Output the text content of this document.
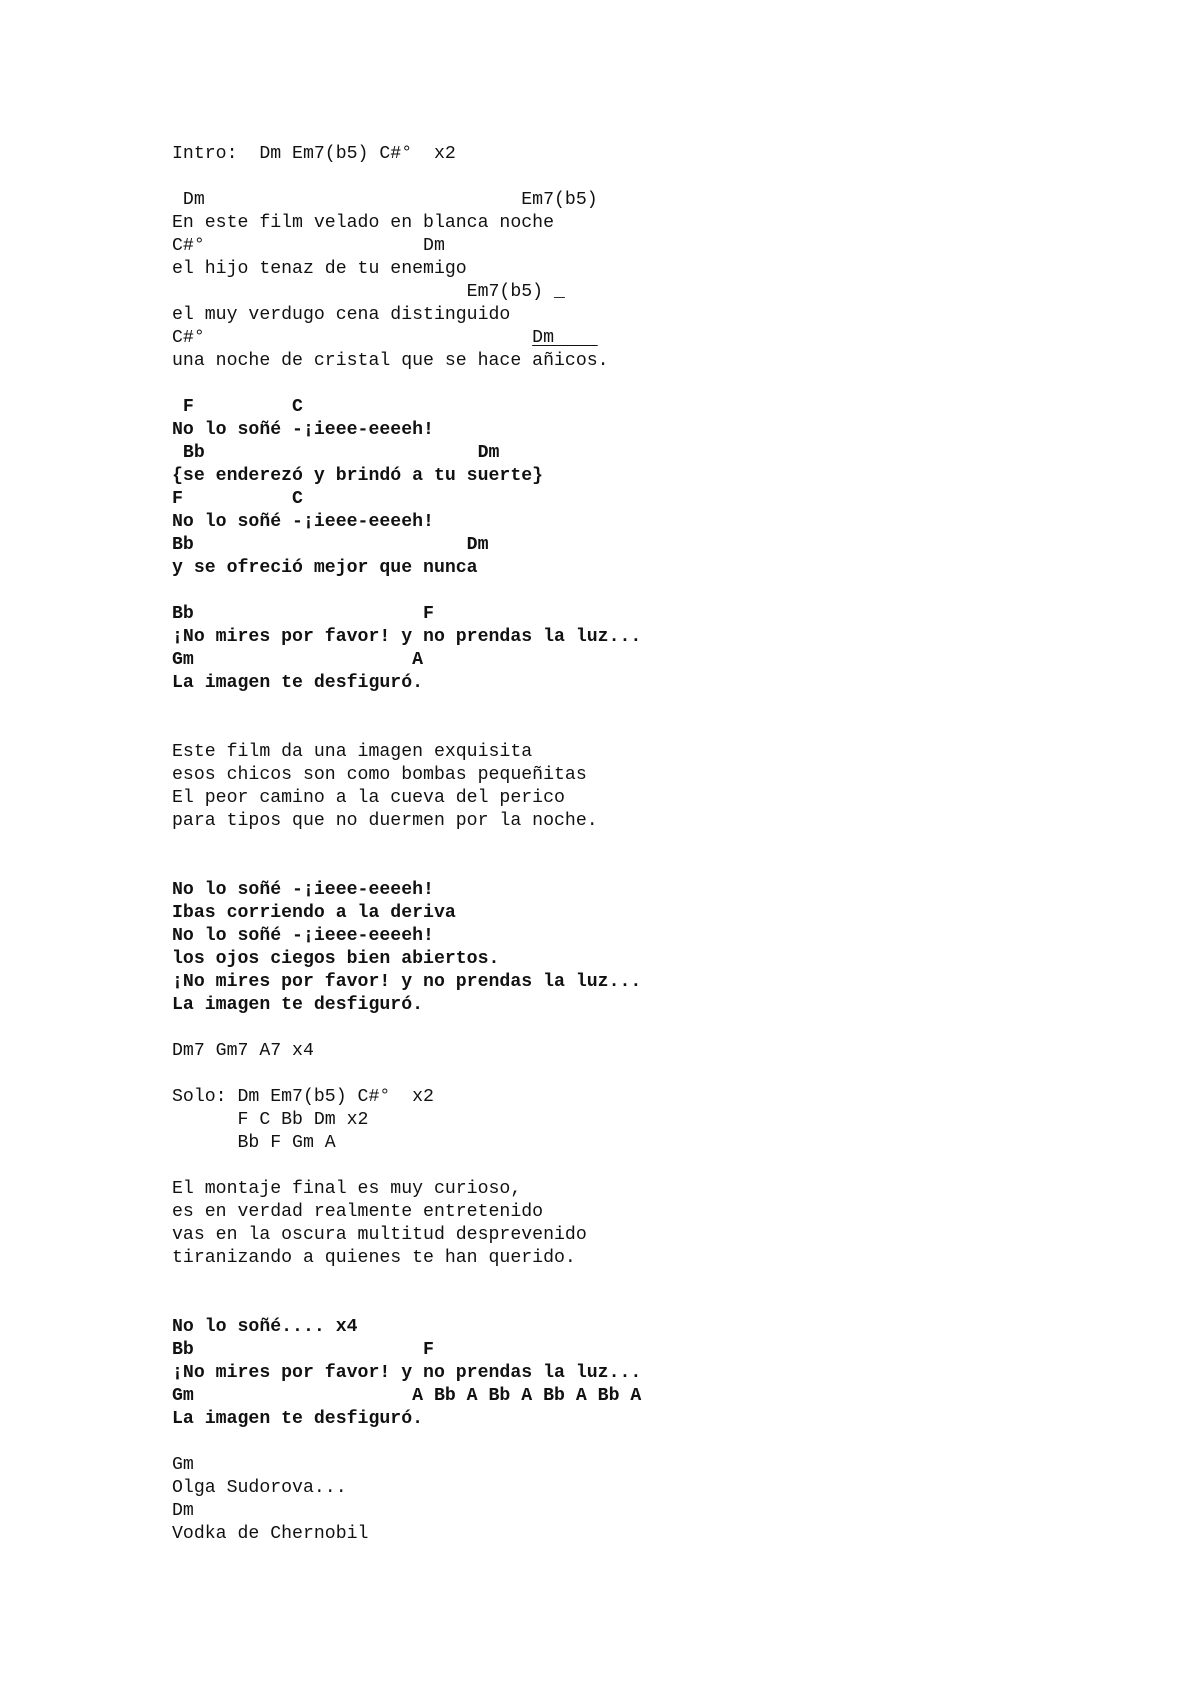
Intro:  Dm Em7(b5) C#°  x2
Dm                             Em7(b5)
En este film velado en blanca noche
C#°                    Dm
el hijo tenaz de tu enemigo
Em7(b5) _
el muy verdugo cena distinguido
C#°                              Dm
una noche de cristal que se hace añicos.
F         C
No lo soñé -¡ieee-eeeeh!
Bb                         Dm
{se enderezó y brindó a tu suerte}
F          C
No lo soñé -¡ieee-eeeeh!
Bb                         Dm
y se ofreció mejor que nunca
Bb                     F
¡No mires por favor! y no prendas la luz...
Gm                    A
La imagen te desfiguró.
Este film da una imagen exquisita
esos chicos son como bombas pequeñitas
El peor camino a la cueva del perico
para tipos que no duermen por la noche.
No lo soñé -¡ieee-eeeeh!
Ibas corriendo a la deriva
No lo soñé -¡ieee-eeeeh!
los ojos ciegos bien abiertos.
¡No mires por favor! y no prendas la luz...
La imagen te desfiguró.
Dm7 Gm7 A7 x4
Solo: Dm Em7(b5) C#°  x2
F C Bb Dm x2
Bb F Gm A
El montaje final es muy curioso,
es en verdad realmente entretenido
vas en la oscura multitud desprevenido
tiranizando a quienes te han querido.
No lo soñé.... x4
Bb                     F
¡No mires por favor! y no prendas la luz...
Gm                    A Bb A Bb A Bb A Bb A
La imagen te desfiguró.
Gm
Olga Sudorova...
Dm
Vodka de Chernobil
